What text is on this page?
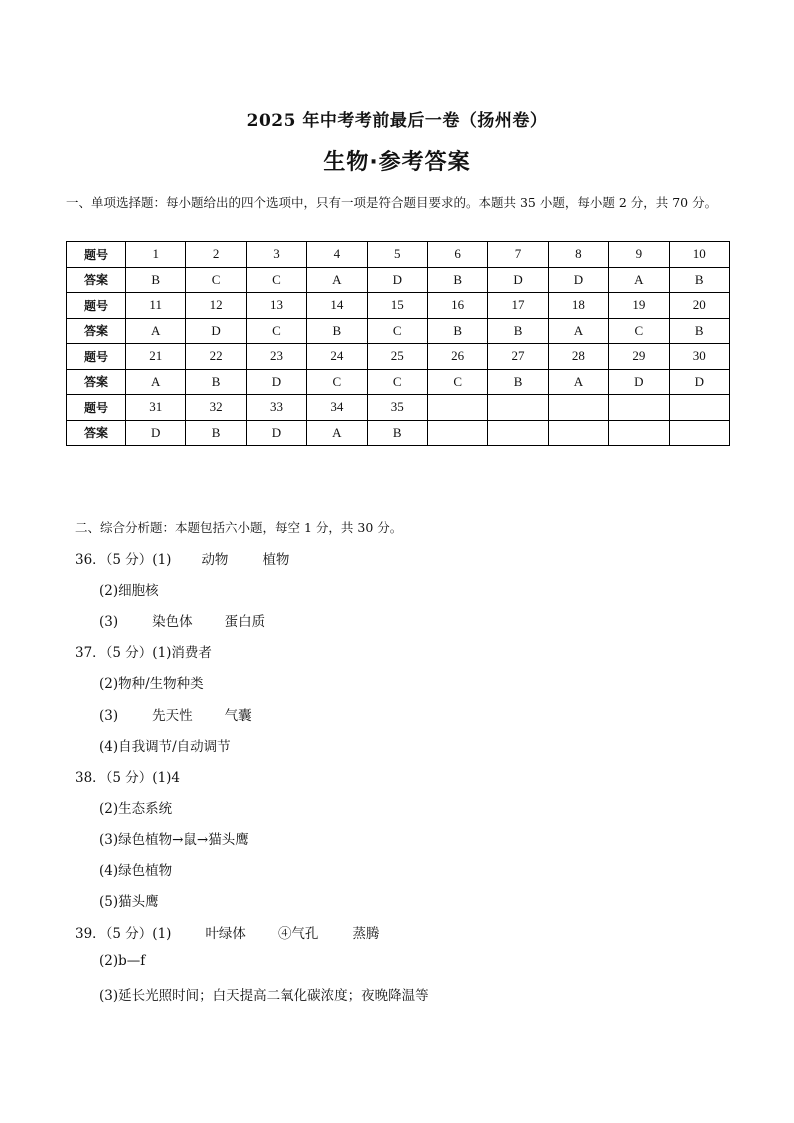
2025 年中考考前最后一卷（扬州卷）
生物·参考答案
一、单项选择题：每小题给出的四个选项中，只有一项是符合题目要求的。本题共 35 小题，每小题 2 分，共 70 分。
题号	1	2	3	4	5	6	7	8	9	10
答案	B	C	C	A	D	B	D	D	A	B
题号	11	12	13	14	15	16	17	18	19	20
答案	A	D	C	B	C	B	B	A	C	B
题号	21	22	23	24	25	26	27	28	29	30
答案	A	B	D	C	C	C	B	A	D	D
题号	31	32	33	34	35					
答案	D	B	D	A	B					
二、综合分析题：本题包括六小题，每空 1 分，共 30 分。
36．（5 分）(1) 动物	植物
(2)细胞核
(3)	染色体 蛋白质
37．（5 分）(1)消费者
(2)物种/生物种类
(3)	先天性 气囊
(4)自我调节/自动调节
38．（5 分）(1)4
(2)生态系统
(3)绿色植物→鼠→猫头鹰
(4)绿色植物
(5)猫头鹰
39．（5 分）(1)	叶绿体 ④气孔	蒸腾
(2)b—f
(3)延长光照时间；白天提高二氧化碳浓度；夜晚降温等
